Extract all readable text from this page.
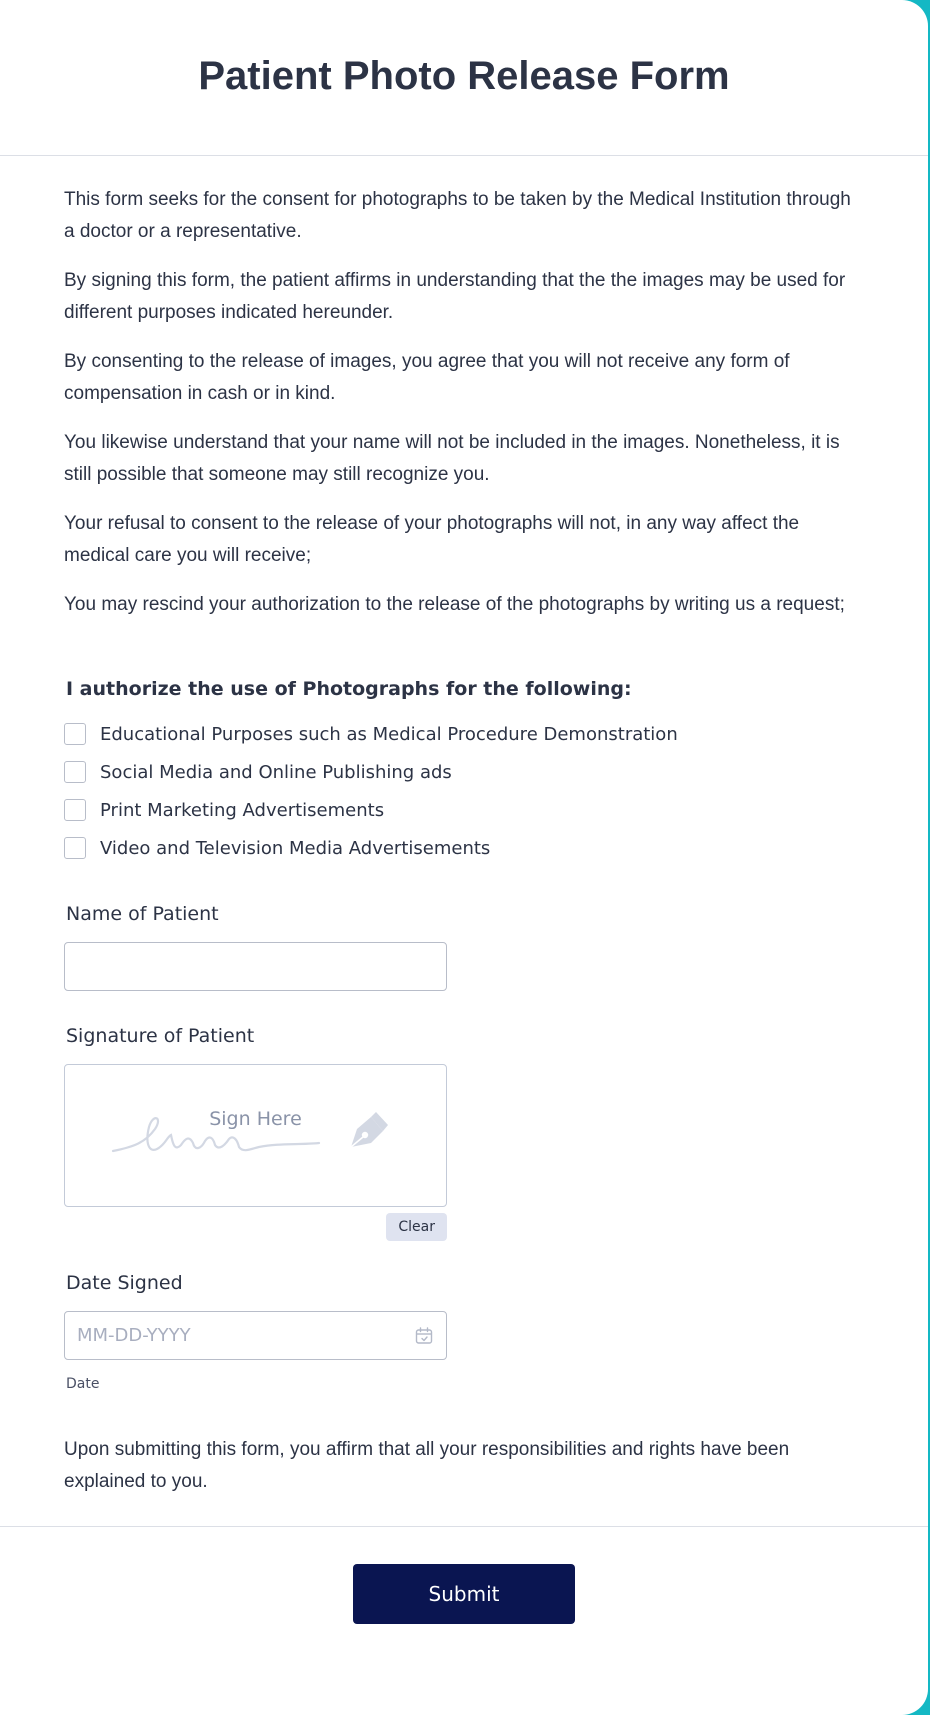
Patient Photo Release Form

This form seeks for the consent for photographs to be taken by the Medical Institution through a doctor or a representative.

By signing this form, the patient affirms in understanding that the the images may be used for different purposes indicated hereunder.

By consenting to the release of images, you agree that you will not receive any form of compensation in cash or in kind.

You likewise understand that your name will not be included in the images. Nonetheless, it is still possible that someone may still recognize you.

Your refusal to consent to the release of your photographs will not, in any way affect the medical care you will receive;

You may rescind your authorization to the release of the photographs by writing us a request;

I authorize the use of Photographs for the following:
Educational Purposes such as Medical Procedure Demonstration
Social Media and Online Publishing ads
Print Marketing Advertisements
Video and Television Media Advertisements
Name of Patient
Signature of Patient
Sign Here
Clear
Date Signed
MM-DD-YYYY
Date

Upon submitting this form, you affirm that all your responsibilities and rights have been explained to you.

Submit
